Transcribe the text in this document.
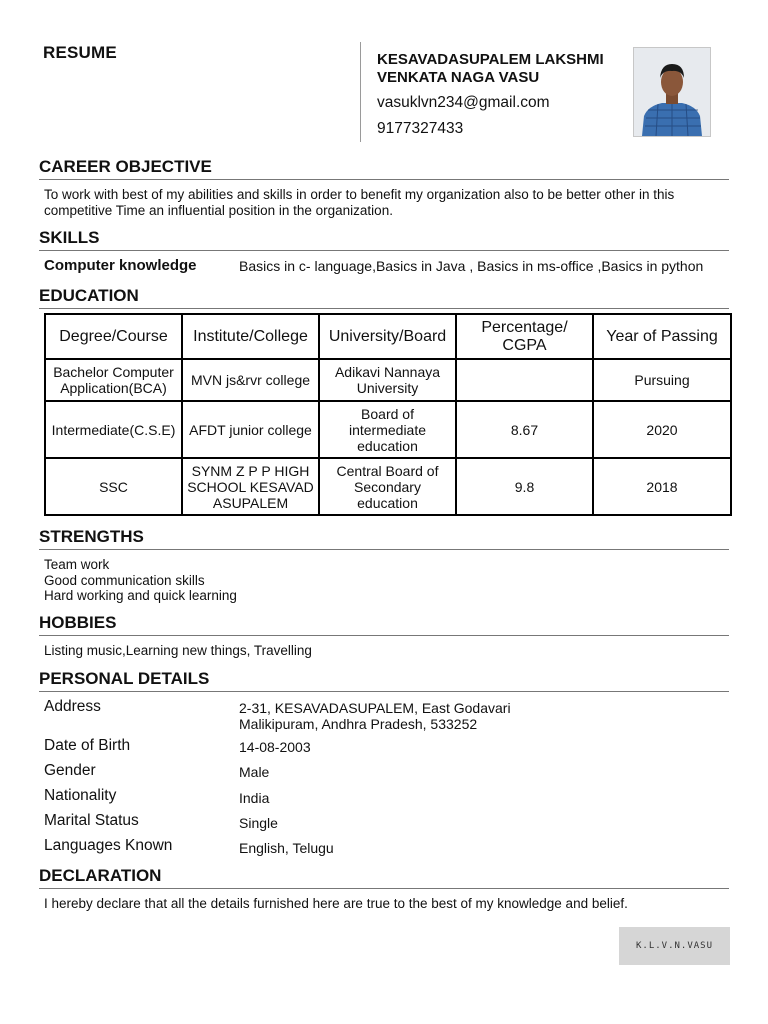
RESUME	KESAVADASUPALEM LAKSHMI
VENKATA NAGA VASU
vasuklvn234@gmail.com
9177327433
CAREER OBJECTIVE
To work with best of my abilities and skills in order to benefit my organization also to be better other in this
competitive Time an influential position in the organization.
SKILLS
Computer knowledge	Basics in c- language,Basics in Java , Basics in ms-office ,Basics in python
EDUCATION
Degree/Course	Institute/College	University/Board	Percentage/ CGPA	Year of Passing
Bachelor Computer Application(BCA)	MVN js&rvr college	Adikavi Nannaya University		Pursuing
Intermediate(C.S.E)	AFDT junior college	Board of intermediate education	8.67	2020
SSC	SYNM Z P P HIGH SCHOOL KESAVAD ASUPALEM	Central Board of Secondary education	9.8	2018
STRENGTHS
Team work
Good communication skills
Hard working and quick learning
HOBBIES
Listing music,Learning new things, Travelling
PERSONAL DETAILS
Address	2-31, KESAVADASUPALEM, East Godavari
Malikipuram, Andhra Pradesh, 533252
Date of Birth	14-08-2003
Gender	Male
Nationality	India
Marital Status	Single
Languages Known	English, Telugu
DECLARATION
I hereby declare that all the details furnished here are true to the best of my knowledge and belief.
K.L.V.N.VASU
